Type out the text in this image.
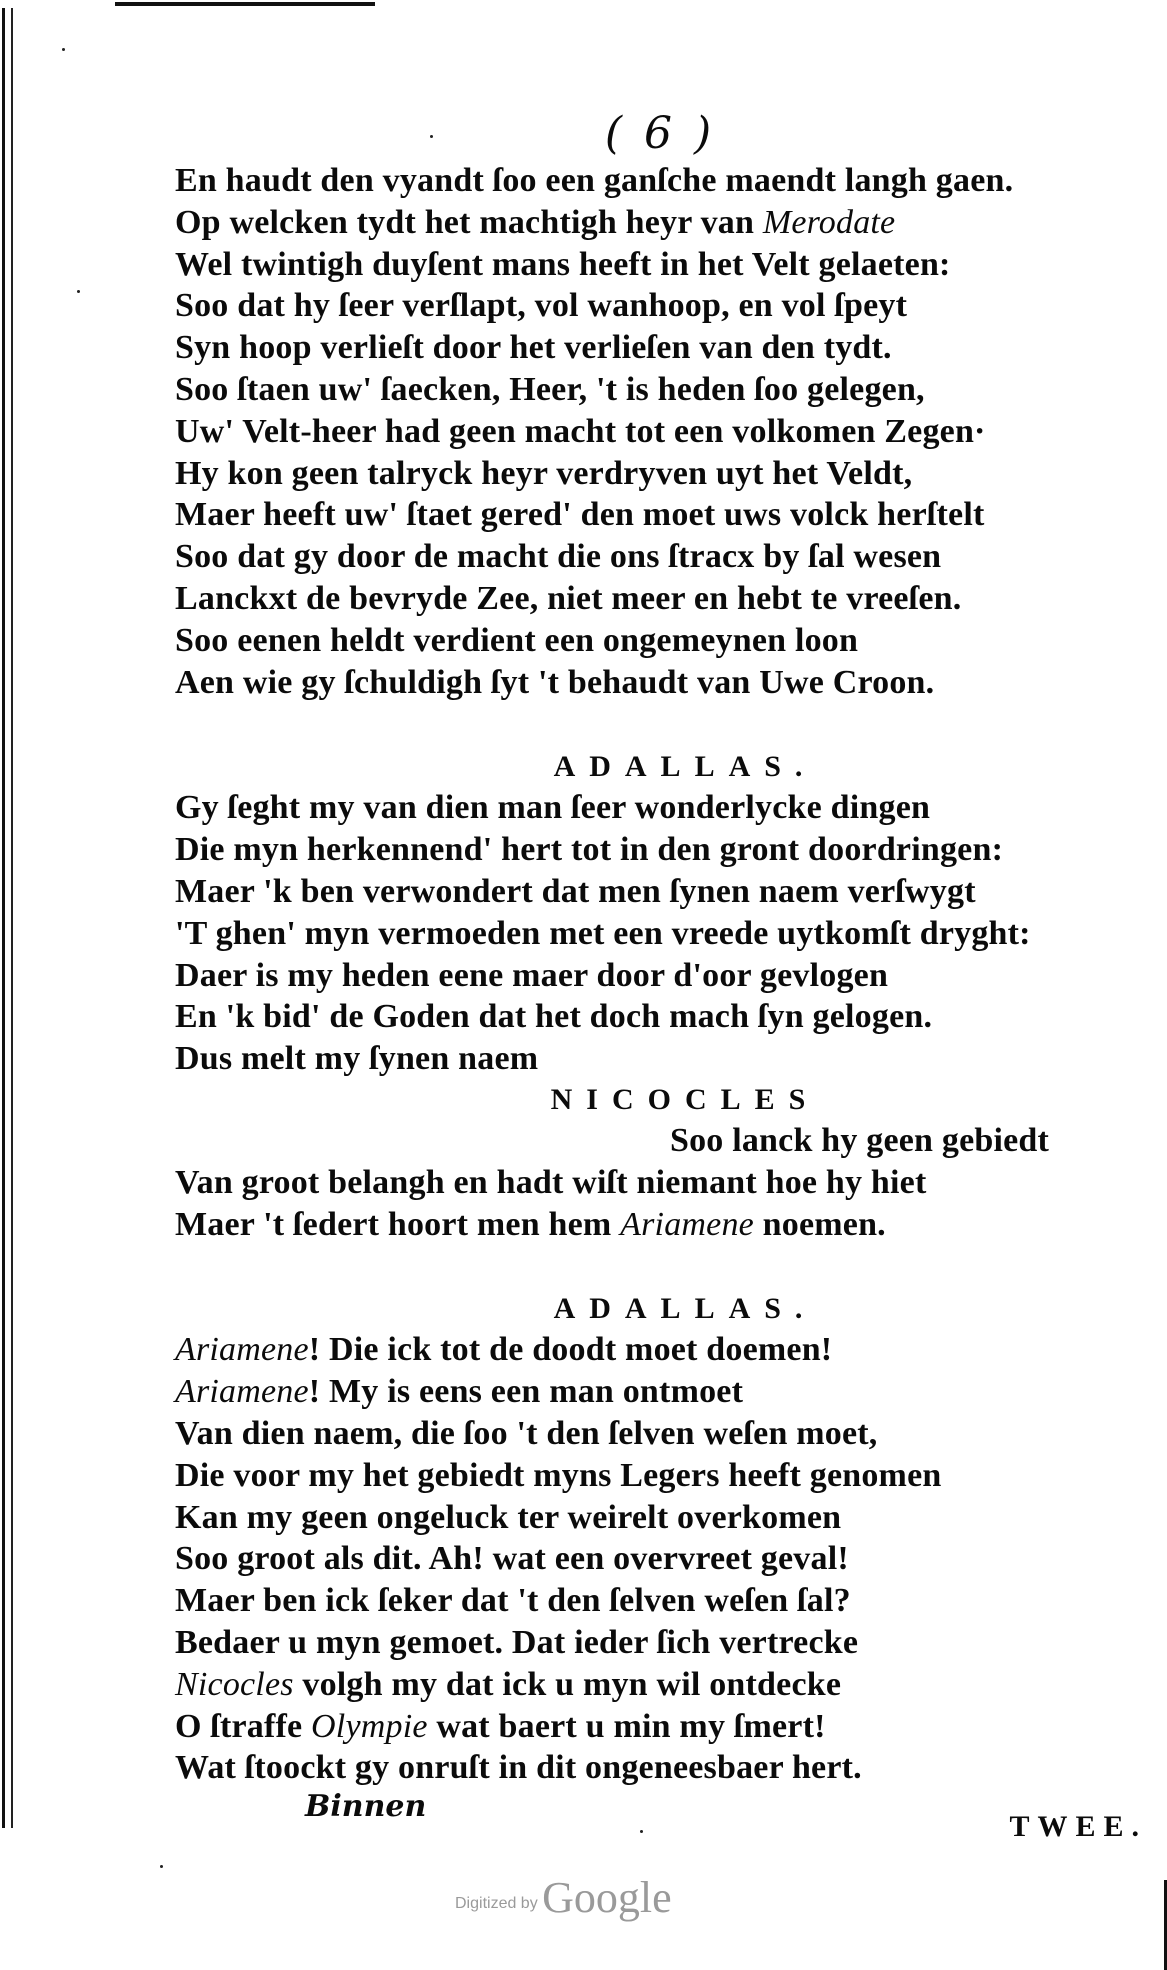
( 6 )
En haudt den vyandt ſoo een ganſche maendt langh gaen.
Op welcken tydt het machtigh heyr van Merodate
Wel twintigh duyſent mans heeft in het Velt gelaeten:
Soo dat hy ſeer verſlapt, vol wanhoop, en vol ſpeyt
Syn hoop verlieſt door het verlieſen van den tydt.
Soo ſtaen uw' ſaecken, Heer, 't is heden ſoo gelegen,
Uw' Velt-heer had geen macht tot een volkomen Zegen·
Hy kon geen talryck heyr verdryven uyt het Veldt,
Maer heeft uw' ſtaet gered' den moet uws volck herſtelt
Soo dat gy door de macht die ons ſtracx by ſal wesen
Lanckxt de bevryde Zee, niet meer en hebt te vreeſen.
Soo eenen heldt verdient een ongemeynen loon
Aen wie gy ſchuldigh ſyt 't behaudt van Uwe Croon.
ADALLAS.
Gy ſeght my van dien man ſeer wonderlycke dingen
Die myn herkennend' hert tot in den gront doordringen:
Maer 'k ben verwondert dat men ſynen naem verſwygt
'T ghen' myn vermoeden met een vreede uytkomſt dryght:
Daer is my heden eene maer door d'oor gevlogen
En 'k bid' de Goden dat het doch mach ſyn gelogen.
Dus melt my ſynen naem
NICOCLES
Soo lanck hy geen gebiedt
Van groot belangh en hadt wiſt niemant hoe hy hiet
Maer 't ſedert hoort men hem Ariamene noemen.
ADALLAS.
Ariamene! Die ick tot de doodt moet doemen!
Ariamene! My is eens een man ontmoet
Van dien naem, die ſoo 't den ſelven weſen moet,
Die voor my het gebiedt myns Legers heeft genomen
Kan my geen ongeluck ter weirelt overkomen
Soo groot als dit. Ah! wat een overvreet geval!
Maer ben ick ſeker dat 't den ſelven weſen ſal?
Bedaer u myn gemoet. Dat ieder ſich vertrecke
Nicocles volgh my dat ick u myn wil ontdecke
O ſtraffe Olympie wat baert u min my ſmert!
Wat ſtoockt gy onruſt in dit ongeneesbaer hert.
Binnen
TWEE.
Digitized by Google
